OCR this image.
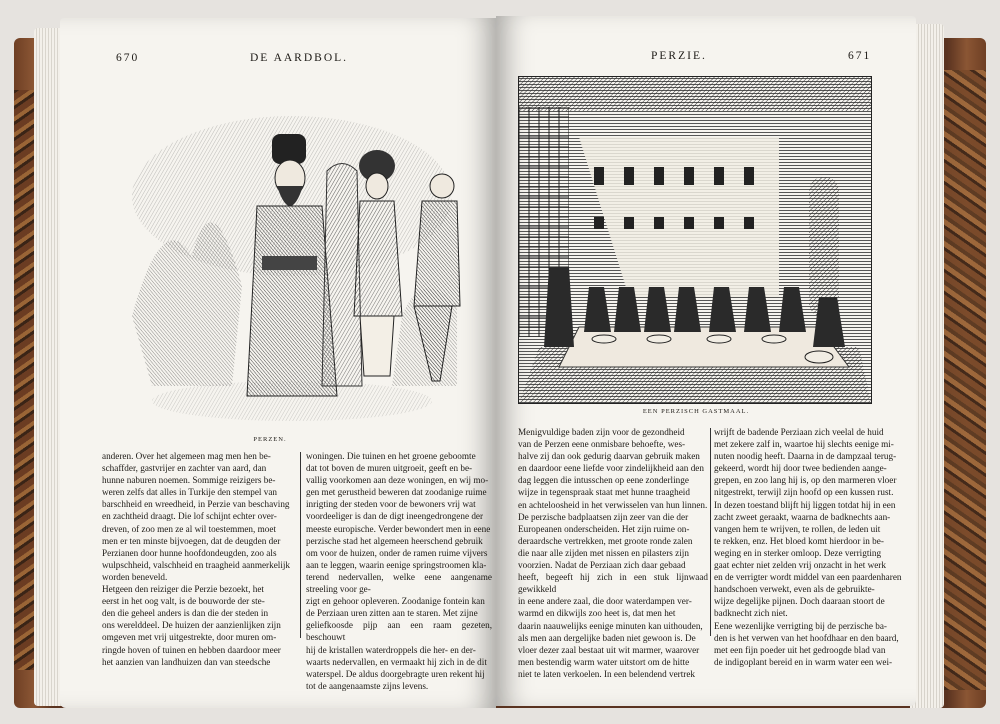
670	DE AARDBOL.
PERZEN.

anderen. Over het algemeen mag men hen be-

schaffder, gastvrijer en zachter van aard, dan

hunne naburen noemen. Sommige reizigers be-

weren zelfs dat alles in Turkije den stempel van

barschheid en wreedheid, in Perzie van beschaving

en zachtheid draagt. Die lof schijnt echter over-

dreven, of zoo men ze al wil toestemmen, moet

men er ten minste bijvoegen, dat de deugden der

Perzianen door hunne hoofdondeugden, zoo als

wulpschheid, valschheid en traagheid aanmerkelijk

worden beneveld.

Hetgeen den reiziger die Perzie bezoekt, het

eerst in het oog valt, is de bouworde der ste-

den die geheel anders is dan die der steden in

ons werelddeel. De huizen der aanzienlijken zijn

omgeven met vrij uitgestrekte, door muren om-

ringde hoven of tuinen en hebben daardoor meer

het aanzien van landhuizen dan van steedsche

woningen. Die tuinen en het groene geboomte

dat tot boven de muren uitgroeit, geeft en be-

vallig voorkomen aan deze woningen, en wij mo-

gen met gerustheid beweren dat zoodanige ruime

inrigting der steden voor de bewoners vrij wat

voordeeliger is dan de digt ineengedrongene der

meeste europische. Verder bewondert men in eene

perzische stad het algemeen heerschend gebruik

om voor de huizen, onder de ramen ruime vijvers

aan te leggen, waarin eenige springstroomen kla-

terend nedervallen, welke eene aangename streeling voor ge-

zigt en gehoor opleveren. Zoodanige fontein kan

de Perziaan uren zitten aan te staren. Met zijne

geliefkoosde pijp aan een raam gezeten, beschouwt

hij de kristallen waterdroppels die her- en der-

waarts nedervallen, en vermaakt hij zich in de dit

waterspel. De aldus doorgebragte uren rekent hij

tot de aangenaamste zijns levens.

PERZIE.	671
EEN PERZISCH GASTMAAL.

Menigvuldige baden zijn voor de gezondheid

van de Perzen eene onmisbare behoefte, wes-

halve zij dan ook gedurig daarvan gebruik maken

en daardoor eene liefde voor zindelijkheid aan den

dag leggen die intusschen op eene zonderlinge

wijze in tegenspraak staat met hunne traagheid

en achteloosheid in het verwisselen van hun linnen.

De perzische badplaatsen zijn zeer van die der

Europeanen onderscheiden. Het zijn ruime on-

deraardsche vertrekken, met groote ronde zalen

die naar alle zijden met nissen en pilasters zijn

voorzien. Nadat de Perziaan zich daar gebaad

heeft, begeeft hij zich in een stuk lijnwaad gewikkeld

in eene andere zaal, die door waterdampen ver-

warmd en dikwijls zoo heet is, dat men het

daarin naauwelijks eenige minuten kan uithouden,

als men aan dergelijke baden niet gewoon is. De

vloer dezer zaal bestaat uit wit marmer, waarover

men bestendig warm water uitstort om de hitte

niet te laten verkoelen. In een belendend vertrek

wrijft de badende Perziaan zich veelal de huid

met zekere zalf in, waartoe hij slechts eenige mi-

nuten noodig heeft. Daarna in de dampzaal terug-

gekeerd, wordt hij door twee bedienden aange-

grepen, en zoo lang hij is, op den marmeren vloer

nitgestrekt, terwijl zijn hoofd op een kussen rust.

In dezen toestand blijft hij liggen totdat hij in een

zacht zweet geraakt, waarna de badknechts aan-

vangen hem te wrijven, te rollen, de leden uit

te rekken, enz. Het bloed komt hierdoor in be-

weging en in sterker omloop. Deze verrigting

gaat echter niet zelden vrij onzacht in het werk

en de verrigter wordt middel van een paardenharen

handschoen verwekt, even als de gebruikte-

wijze degelijke pijnen. Doch daaraan stoort de

badknecht zich niet.

Eene wezenlijke verrigting bij de perzische ba-

den is het verwen van het hoofdhaar en den baard,

met een fijn poeder uit het gedroogde blad van

de indigoplant bereid en in warm water een wei-
